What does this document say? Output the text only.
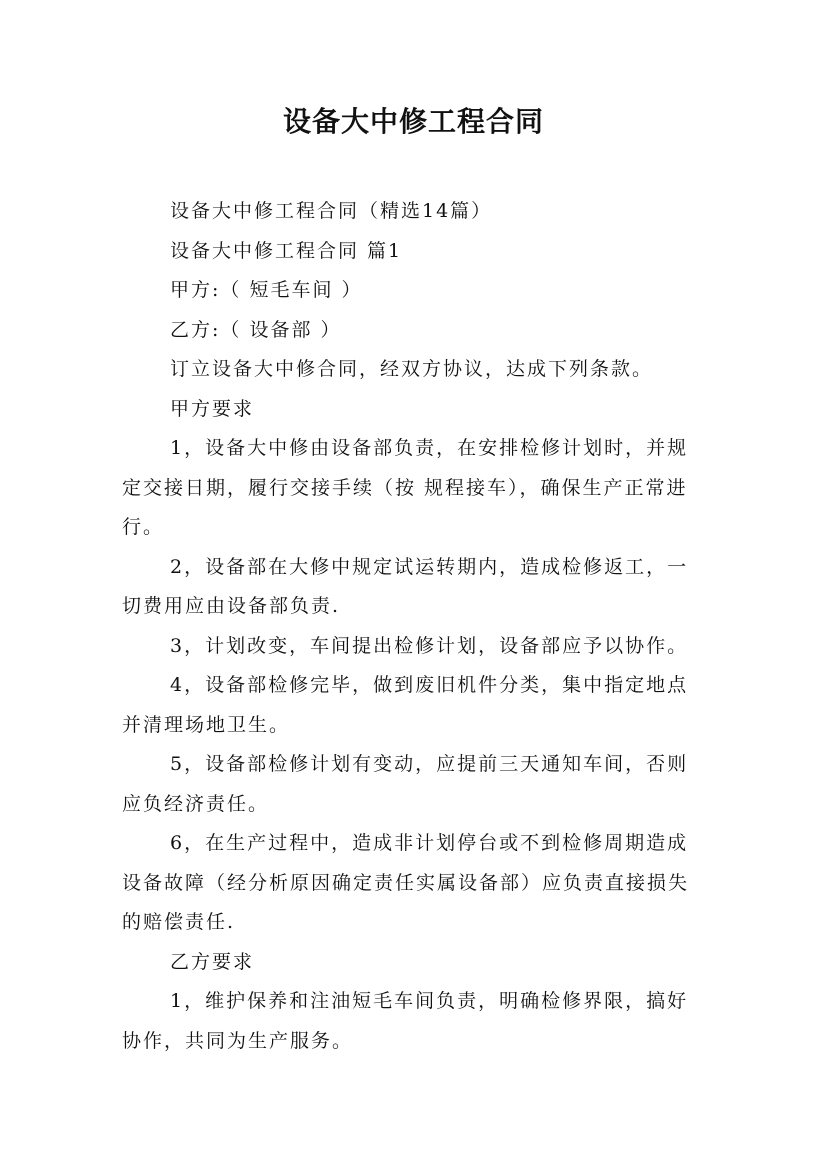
设备大中修工程合同

设备大中修工程合同（精选14篇）

设备大中修工程合同 篇1

甲方:（ 短毛车间 ）

乙方:（ 设备部 ）

订立设备大中修合同，经双方协议，达成下列条款。

甲方要求

1，设备大中修由设备部负责，在安排检修计划时，并规定交接日期，履行交接手续（按 规程接车），确保生产正常进行。

2，设备部在大修中规定试运转期内，造成检修返工，一切费用应由设备部负责.

3，计划改变，车间提出检修计划，设备部应予以协作。

4，设备部检修完毕，做到废旧机件分类，集中指定地点并清理场地卫生。

5，设备部检修计划有变动，应提前三天通知车间，否则应负经济责任。

6，在生产过程中，造成非计划停台或不到检修周期造成设备故障（经分析原因确定责任实属设备部）应负责直接损失的赔偿责任.

乙方要求

1，维护保养和注油短毛车间负责，明确检修界限，搞好协作，共同为生产服务。
